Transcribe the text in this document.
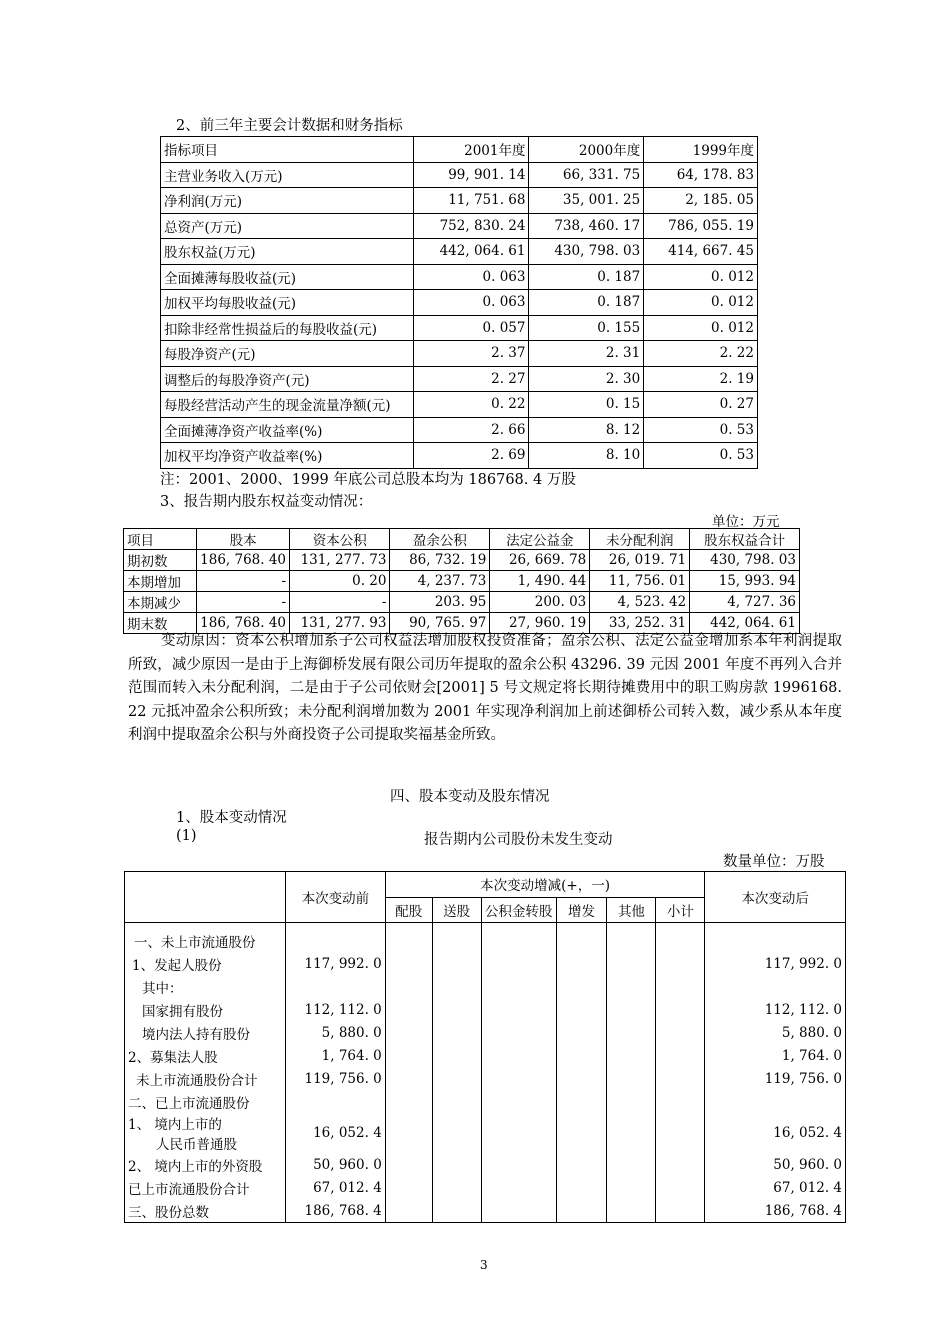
2、前三年主要会计数据和财务指标
指标项目	2001年度	2000年度	1999年度
主营业务收入(万元)	99, 901. 14	66, 331. 75	64, 178. 83
净利润(万元)	11, 751. 68	35, 001. 25	2, 185. 05
总资产(万元)	752, 830. 24	738, 460. 17	786, 055. 19
股东权益(万元)	442, 064. 61	430, 798. 03	414, 667. 45
全面摊薄每股收益(元)	0. 063	0. 187	0. 012
加权平均每股收益(元)	0. 063	0. 187	0. 012
扣除非经常性损益后的每股收益(元)	0. 057	0. 155	0. 012
每股净资产(元)	2. 37	2. 31	2. 22
调整后的每股净资产(元)	2. 27	2. 30	2. 19
每股经营活动产生的现金流量净额(元)	0. 22	0. 15	0. 27
全面摊薄净资产收益率(%)	2. 66	8. 12	0. 53
加权平均净资产收益率(%)	2. 69	8. 10	0. 53
注：2001、2000、1999 年底公司总股本均为 186768. 4 万股
3、报告期内股东权益变动情况：
单位：万元
项目	股本	资本公积	盈余公积	法定公益金	未分配利润	股东权益合计
期初数	186, 768. 40	131, 277. 73	86, 732. 19	26, 669. 78	26, 019. 71	430, 798. 03
本期增加	-	0. 20	4, 237. 73	1, 490. 44	11, 756. 01	15, 993. 94
本期减少	-	-	203. 95	200. 03	4, 523. 42	4, 727. 36
期末数	186, 768. 40	131, 277. 93	90, 765. 97	27, 960. 19	33, 252. 31	442, 064. 61
变动原因：资本公积增加系子公司权益法增加股权投资准备；盈余公积、法定公益金增加系本年利润提取所致，减少原因一是由于上海御桥发展有限公司历年提取的盈余公积 43296. 39 元因 2001 年度不再列入合并范围而转入未分配利润，二是由于子公司依财会[2001] 5 号文规定将长期待摊费用中的职工购房款 1996168. 22 元抵冲盈余公积所致；未分配利润增加数为 2001 年实现净利润加上前述御桥公司转入数，减少系从本年度利润中提取盈余公积与外商投资子公司提取奖福基金所致。
四、股本变动及股东情况
1、股本变动情况
(1)	报告期内公司股份未发生变动
数量单位：万股
	本次变动前	本次变动增减(+，一)						本次变动后
		配股	送股	公积金转股	增发	其他	小计	

一、未上市流通股份								

1、发起人股份	117, 992. 0							117, 992. 0

其中：								

国家拥有股份	112, 112. 0							112, 112. 0

境内法人持有股份	5, 880. 0							5, 880. 0

2、募集法人股	1, 764. 0							1, 764. 0

未上市流通股份合计	119, 756. 0							119, 756. 0

二、已上市流通股份								

1、 境内上市的
人民币普通股	16, 052. 4							16, 052. 4

2、 境内上市的外资股	50, 960. 0							50, 960. 0

已上市流通股份合计	67, 012. 4							67, 012. 4

三、股份总数	186, 768. 4							186, 768. 4
3
